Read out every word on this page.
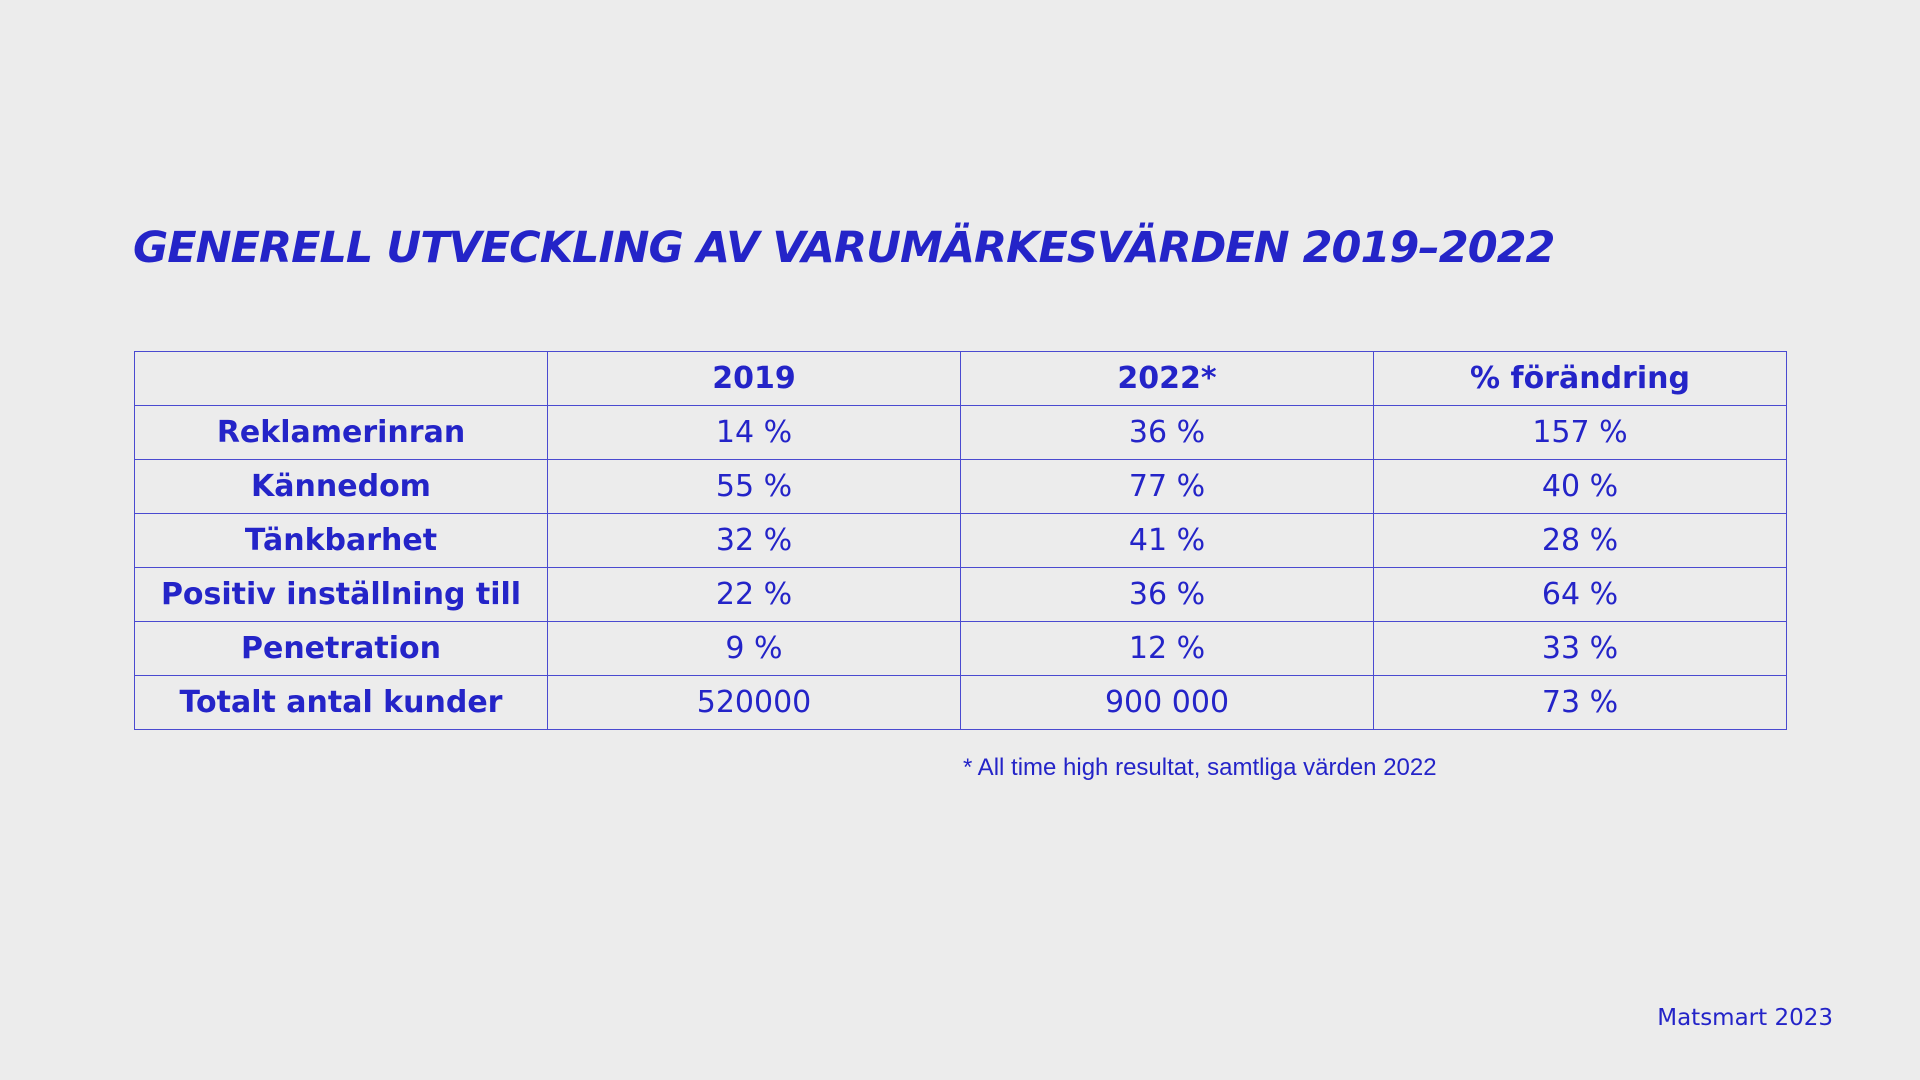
GENERELL UTVECKLING AV VARUMÄRKESVÄRDEN 2019–2022
	2019	2022*	% förändring
Reklamerinran	14 %	36 %	157 %
Kännedom	55 %	77 %	40 %
Tänkbarhet	32 %	41 %	28 %
Positiv inställning till	22 %	36 %	64 %
Penetration	9 %	12 %	33 %
Totalt antal kunder	520000	900 000	73 %
* All time high resultat, samtliga värden 2022
Matsmart 2023
